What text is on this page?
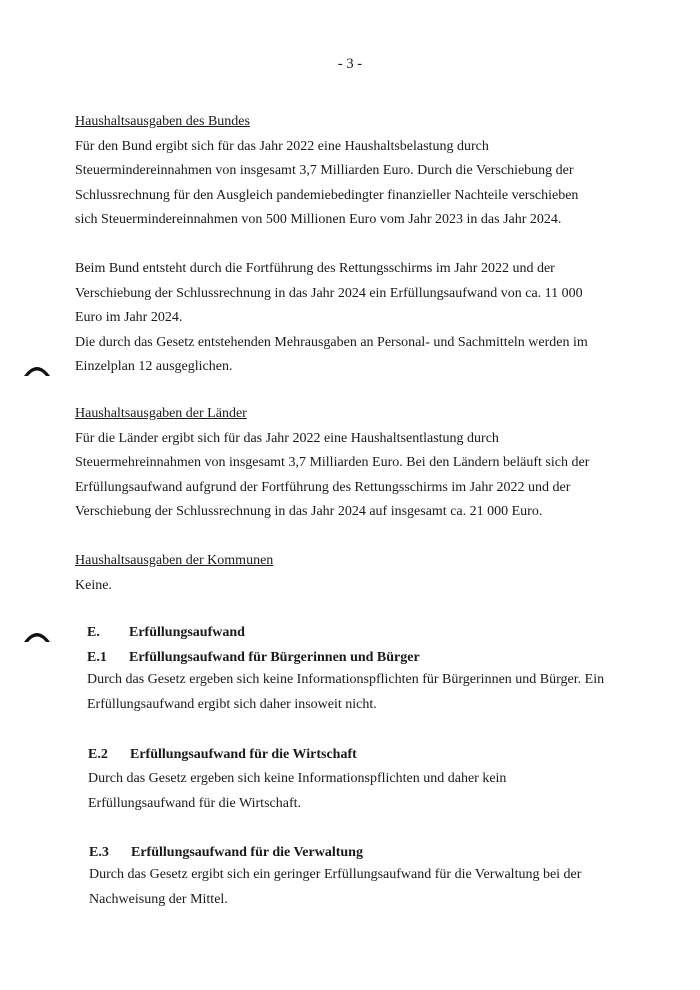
- 3 -

Haushaltsausgaben des Bundes

Für den Bund ergibt sich für das Jahr 2022 eine Haushaltsbelastung durch

Steuermindereinnahmen von insgesamt 3,7 Milliarden Euro. Durch die Verschiebung der

Schlussrechnung für den Ausgleich pandemiebedingter finanzieller Nachteile verschieben

sich Steuermindereinnahmen von 500 Millionen Euro vom Jahr 2023 in das Jahr 2024.

Beim Bund entsteht durch die Fortführung des Rettungsschirms im Jahr 2022 und der

Verschiebung der Schlussrechnung in das Jahr 2024 ein Erfüllungsaufwand von ca. 11 000

Euro im Jahr 2024.

Die durch das Gesetz entstehenden Mehrausgaben an Personal- und Sachmitteln werden im

Einzelplan 12 ausgeglichen.

Haushaltsausgaben der Länder

Für die Länder ergibt sich für das Jahr 2022 eine Haushaltsentlastung durch

Steuermehreinnahmen von insgesamt 3,7 Milliarden Euro. Bei den Ländern beläuft sich der

Erfüllungsaufwand aufgrund der Fortführung des Rettungsschirms im Jahr 2022 und der

Verschiebung der Schlussrechnung in das Jahr 2024 auf insgesamt ca. 21 000 Euro.

Haushaltsausgaben der Kommunen

Keine.

E. Erfüllungsaufwand
E.1 Erfüllungsaufwand für Bürgerinnen und Bürger

Durch das Gesetz ergeben sich keine Informationspflichten für Bürgerinnen und Bürger. Ein

Erfüllungsaufwand ergibt sich daher insoweit nicht.

E.2 Erfüllungsaufwand für die Wirtschaft

Durch das Gesetz ergeben sich keine Informationspflichten und daher kein

Erfüllungsaufwand für die Wirtschaft.

E.3 Erfüllungsaufwand für die Verwaltung

Durch das Gesetz ergibt sich ein geringer Erfüllungsaufwand für die Verwaltung bei der

Nachweisung der Mittel.
